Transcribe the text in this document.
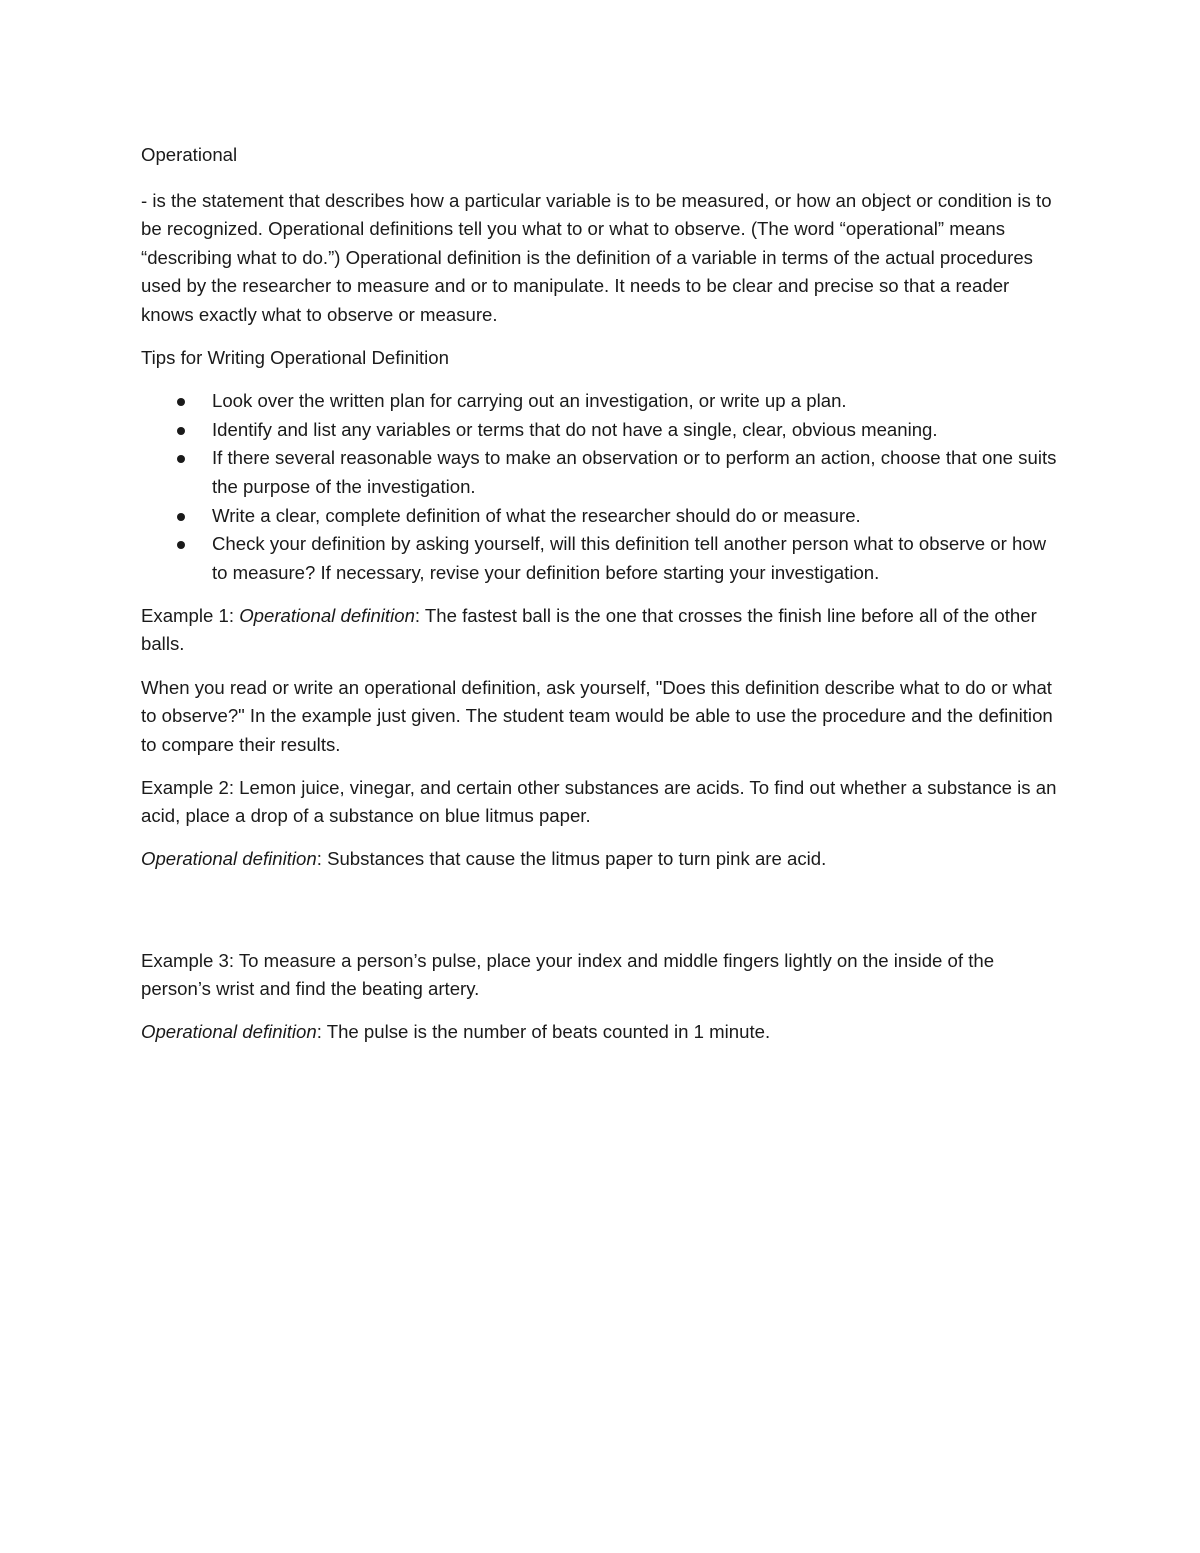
Operational

- is the statement that describes how a particular variable is to be measured, or how an object or condition is to be recognized. Operational definitions tell you what to or what to observe. (The word “operational” means “describing what to do.”) Operational definition is the definition of a variable in terms of the actual procedures used by the researcher to measure and or to manipulate. It needs to be clear and precise so that a reader knows exactly what to observe or measure.

Tips for Writing Operational Definition

Look over the written plan for carrying out an investigation, or write up a plan.
Identify and list any variables or terms that do not have a single, clear, obvious meaning.
If there several reasonable ways to make an observation or to perform an action, choose that one suits the purpose of the investigation.
Write a clear, complete definition of what the researcher should do or measure.
Check your definition by asking yourself, will this definition tell another person what to observe or how to measure? If necessary, revise your definition before starting your investigation.

Example 1: Operational definition: The fastest ball is the one that crosses the finish line before all of the other balls.

When you read or write an operational definition, ask yourself, "Does this definition describe what to do or what to observe?" In the example just given. The student team would be able to use the procedure and the definition to compare their results.

Example 2: Lemon juice, vinegar, and certain other substances are acids. To find out whether a substance is an acid, place a drop of a substance on blue litmus paper.

Operational definition: Substances that cause the litmus paper to turn pink are acid.

Example 3: To measure a person’s pulse, place your index and middle fingers lightly on the inside of the person’s wrist and find the beating artery.

Operational definition: The pulse is the number of beats counted in 1 minute.
